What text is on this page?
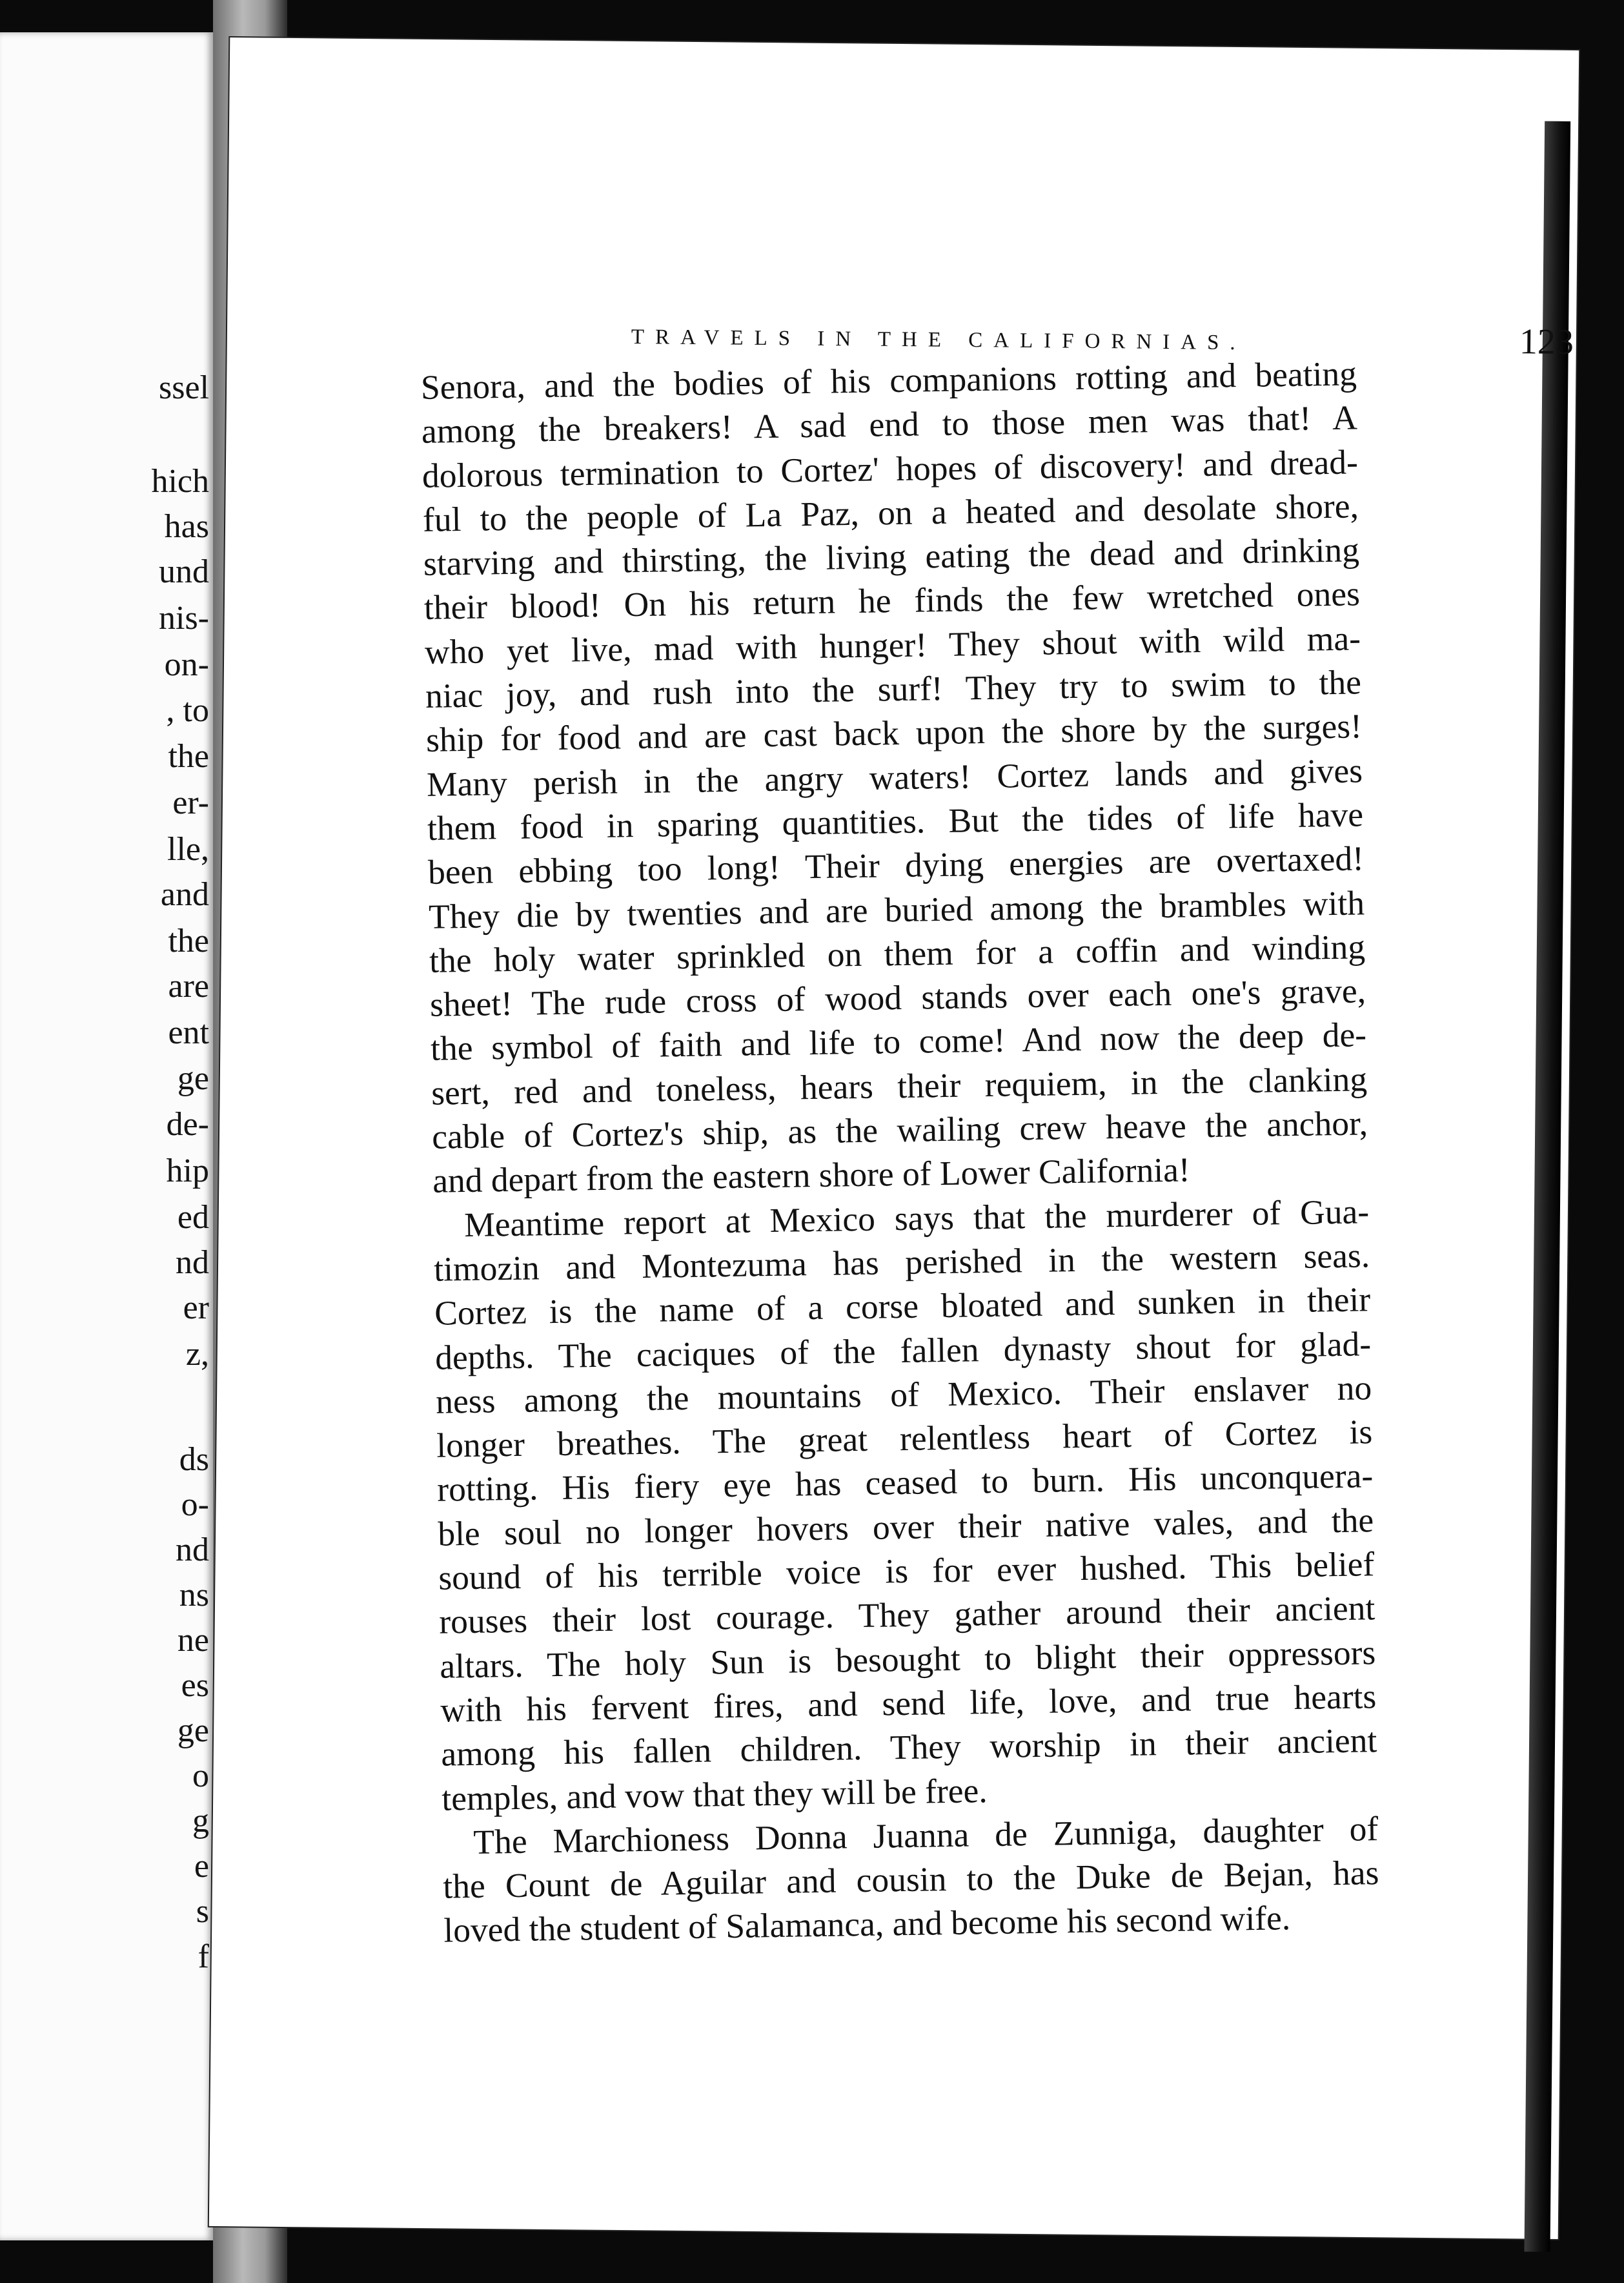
ssel
hich
has
und
nis-
on-
, to
the
er-
lle,
and
the
are
ent
ge
de-
hip
ed
nd
er
z,
ds
o-
nd
ns
ne
es
ge
o
g
e
s
f
TRAVELS IN THE CALIFORNIAS.	123

Senora, and the bodies of his companions rotting and beating
among the breakers! A sad end to those men was that! A
dolorous termination to Cortez' hopes of discovery! and dread-
ful to the people of La Paz, on a heated and desolate shore,
starving and thirsting, the living eating the dead and drinking
their blood! On his return he finds the few wretched ones
who yet live, mad with hunger! They shout with wild ma-
niac joy, and rush into the surf! They try to swim to the
ship for food and are cast back upon the shore by the surges!
Many perish in the angry waters! Cortez lands and gives
them food in sparing quantities. But the tides of life have
been ebbing too long! Their dying energies are overtaxed!
They die by twenties and are buried among the brambles with
the holy water sprinkled on them for a coffin and winding
sheet! The rude cross of wood stands over each one's grave,
the symbol of faith and life to come! And now the deep de-
sert, red and toneless, hears their requiem, in the clanking
cable of Cortez's ship, as the wailing crew heave the anchor,
and depart from the eastern shore of Lower California!

Meantime report at Mexico says that the murderer of Gua-
timozin and Montezuma has perished in the western seas.
Cortez is the name of a corse bloated and sunken in their
depths. The caciques of the fallen dynasty shout for glad-
ness among the mountains of Mexico. Their enslaver no
longer breathes. The great relentless heart of Cortez is
rotting. His fiery eye has ceased to burn. His unconquera-
ble soul no longer hovers over their native vales, and the
sound of his terrible voice is for ever hushed. This belief
rouses their lost courage. They gather around their ancient
altars. The holy Sun is besought to blight their oppressors
with his fervent fires, and send life, love, and true hearts
among his fallen children. They worship in their ancient
temples, and vow that they will be free.

The Marchioness Donna Juanna de Zunniga, daughter of
the Count de Aguilar and cousin to the Duke de Bejan, has
loved the student of Salamanca, and become his second wife.
